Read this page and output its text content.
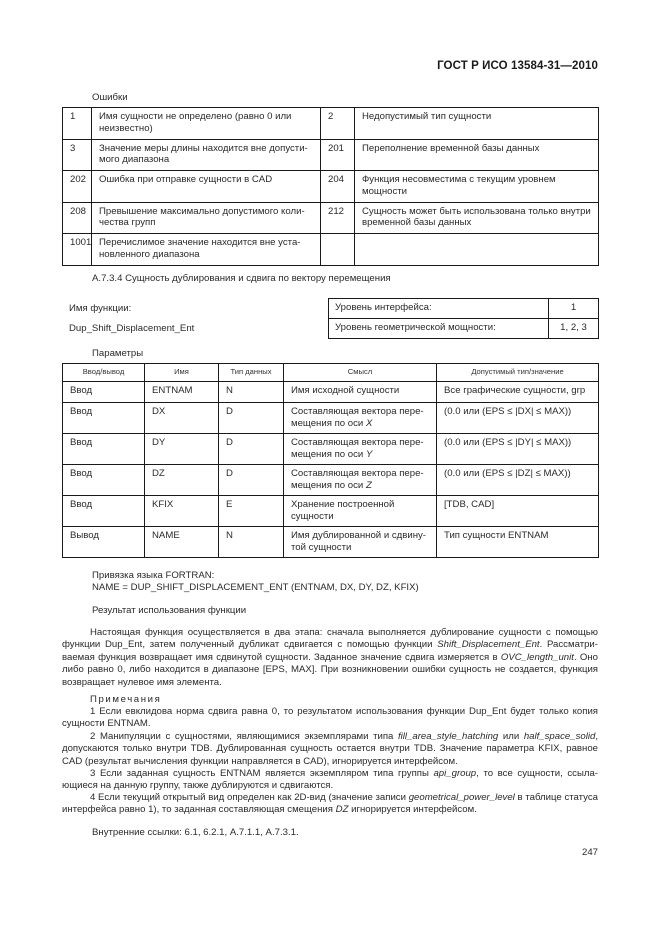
ГОСТ Р ИСО 13584-31—2010
Ошибки
1	Имя сущности не определено (равно 0 или неизвестно)	2	Недопустимый тип сущности
3	Значение меры длины находится вне допусти-мого диапазона	201	Переполнение временной базы данных
202	Ошибка при отправке сущности в CAD	204	Функция несовместима с текущим уровнем мощности
208	Превышение максимально допустимого коли-чества групп	212	Сущность может быть использована только внутри временной базы данных
1001	Перечислимое значение находится вне уста-новленного диапазона		
А.7.3.4 Сущность дублирования и сдвига по вектору перемещения
Имя функции:
Dup_Shift_Displacement_Ent
Уровень интерфейса:	1
Уровень геометрической мощности:	1, 2, 3
Параметры
Ввод/вывод	Имя	Тип данных	Смысл	Допустимый тип/значение
Ввод	ENTNAM	N	Имя исходной сущности	Все графические сущности, grp
Ввод	DX	D	Составляющая вектора пере-мещения по оси X	(0.0 или (EPS ≤ |DX| ≤ MAX))
Ввод	DY	D	Составляющая вектора пере-мещения по оси Y	(0.0 или (EPS ≤ |DY| ≤ MAX))
Ввод	DZ	D	Составляющая вектора пере-мещения по оси Z	(0.0 или (EPS ≤ |DZ| ≤ MAX))
Ввод	KFIX	E	Хранение построенной сущности	[TDB, CAD]
Вывод	NAME	N	Имя дублированной и сдвину-той сущности	Тип сущности ENTNAM
Привязка языка FORTRAN:
NAME = DUP_SHIFT_DISPLACEMENT_ENT (ENTNAM, DX, DY, DZ, KFIX)
Результат использования функции
Настоящая функция осуществляется в два этапа: сначала выполняется дублирование сущности с помощью функции Dup_Ent, затем полученный дубликат сдвигается с помощью функции Shift_Displacement_Ent. Рассматри-ваемая функция возвращает имя сдвинутой сущности. Заданное значение сдвига измеряется в OVC_length_unit. Оно либо равно 0, либо находится в диапазоне [EPS, MAX]. При возникновении ошибки сущность не создается, функция возвращает нулевое имя элемента.
Примечания
1 Если евклидова норма сдвига равна 0, то результатом использования функции Dup_Ent будет только копия сущности ENTNAM.
2 Манипуляции с сущностями, являющимися экземплярами типа fill_area_style_hatching или half_space_solid, допускаются только внутри TDB. Дублированная сущность остается внутри TDB. Значение параметра KFIX, равное CAD (результат вычисления функции направляется в CAD), игнорируется интерфейсом.
3 Если заданная сущность ENTNAM является экземпляром типа группы api_group, то все сущности, ссыла-ющиеся на данную группу, также дублируются и сдвигаются.
4 Если текущий открытый вид определен как 2D-вид (значение записи geometrical_power_level в таблице статуса интерфейса равно 1), то заданная составляющая смещения DZ игнорируется интерфейсом.
Внутренние ссылки: 6.1, 6.2.1, А.7.1.1, А.7.3.1.
247
